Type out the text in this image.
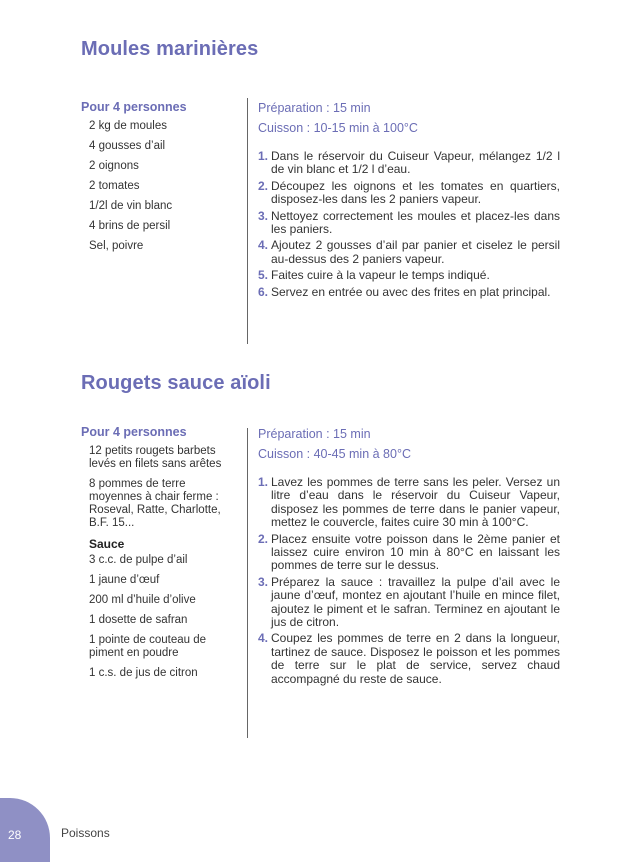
Moules marinières
Pour 4 personnes
2 kg de moules
4 gousses d’ail
2 oignons
2 tomates
1/2l de vin blanc
4 brins de persil
Sel, poivre
Préparation : 15 min
Cuisson : 10-15 min à 100°C
1. Dans le réservoir du Cuiseur Vapeur, mélangez 1/2 l de vin blanc et 1/2 l d’eau.
2. Découpez les oignons et les tomates en quartiers, disposez-les dans les 2 paniers vapeur.
3. Nettoyez correctement les moules et placez-les dans les paniers.
4. Ajoutez 2 gousses d’ail par panier et ciselez le persil au-dessus des 2 paniers vapeur.
5. Faites cuire à la vapeur le temps indiqué.
6. Servez en entrée ou avec des frites en plat principal.
Rougets sauce aïoli
Pour 4 personnes
12 petits rougets barbets levés en filets sans arêtes
8 pommes de terre moyennes à chair ferme : Roseval, Ratte, Charlotte, B.F. 15...
Sauce
3 c.c. de pulpe d’ail
1 jaune d’œuf
200 ml d’huile d’olive
1 dosette de safran
1 pointe de couteau de piment en poudre
1 c.s. de jus de citron
Préparation : 15 min
Cuisson : 40-45 min à 80°C
1. Lavez les pommes de terre sans les peler. Versez un litre d’eau dans le réservoir du Cuiseur Vapeur, disposez les pommes de terre dans le panier vapeur, mettez le couvercle, faites cuire 30 min à 100°C.
2. Placez ensuite votre poisson dans le 2ème panier et laissez cuire environ 10 min à 80°C en laissant les pommes de terre sur le dessus.
3. Préparez la sauce : travaillez la pulpe d’ail avec le jaune d’œuf, montez en ajoutant l’huile en mince filet, ajoutez le piment et le safran. Terminez en ajoutant le jus de citron.
4. Coupez les pommes de terre en 2 dans la longueur, tartinez de sauce. Disposez le poisson et les pommes de terre sur le plat de service, servez chaud accompagné du reste de sauce.
28	Poissons
